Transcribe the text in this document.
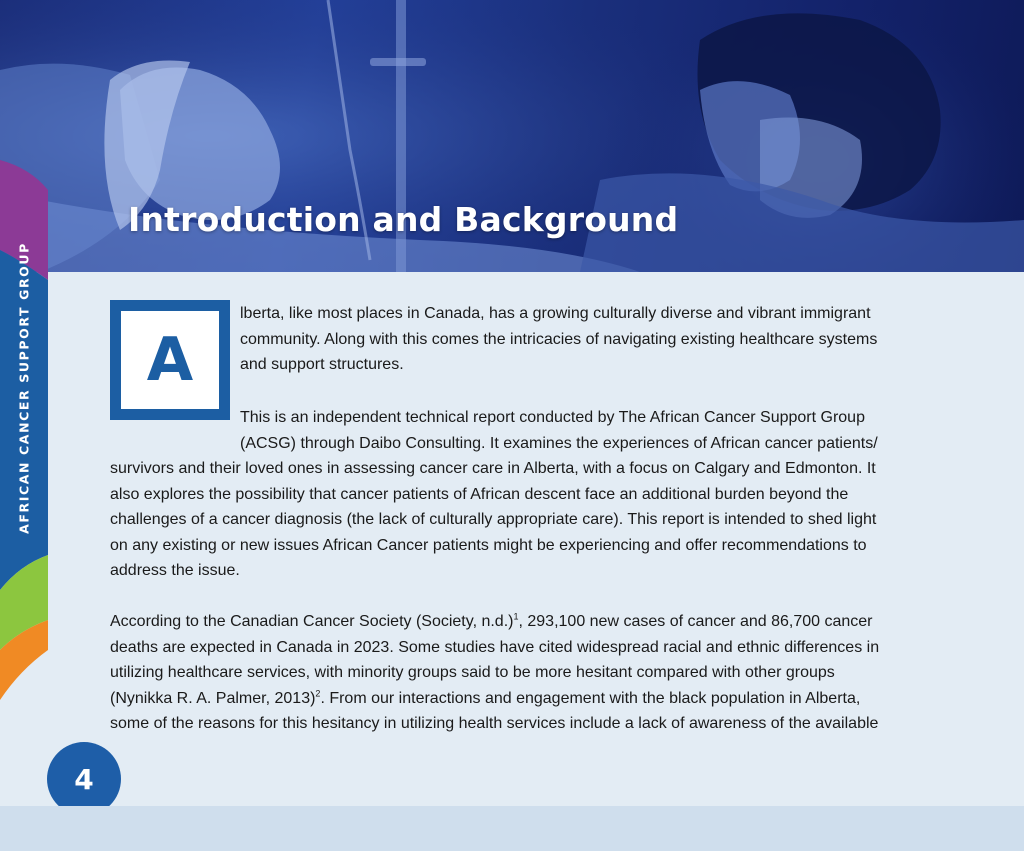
Introduction and Background
AFRICAN CANCER SUPPORT GROUP A
lberta, like most places in Canada, has a growing culturally diverse and vibrant immigrant
community. Along with this comes the intricacies of navigating existing healthcare systems
and support structures.
This is an independent technical report conducted by The African Cancer Support Group
(ACSG) through Daibo Consulting. It examines the experiences of African cancer patients/
survivors and their loved ones in assessing cancer care in Alberta, with a focus on Calgary and Edmonton. It
also explores the possibility that cancer patients of African descent face an additional burden beyond the
challenges of a cancer diagnosis (the lack of culturally appropriate care). This report is intended to shed light
on any existing or new issues African Cancer patients might be experiencing and offer recommendations to
address the issue.
According to the Canadian Cancer Society (Society, n.d.)$^1$, 293,100 new cases of cancer and 86,700 cancer
deaths are expected in Canada in 2023. Some studies have cited widespread racial and ethnic differences in
utilizing healthcare services, with minority groups said to be more hesitant compared with other groups
(Nynikka R. A. Palmer, 2013)$^2$. From our interactions and engagement with the black population in Alberta,
some of the reasons for this hesitancy in utilizing health services include a lack of awareness of the available
4
